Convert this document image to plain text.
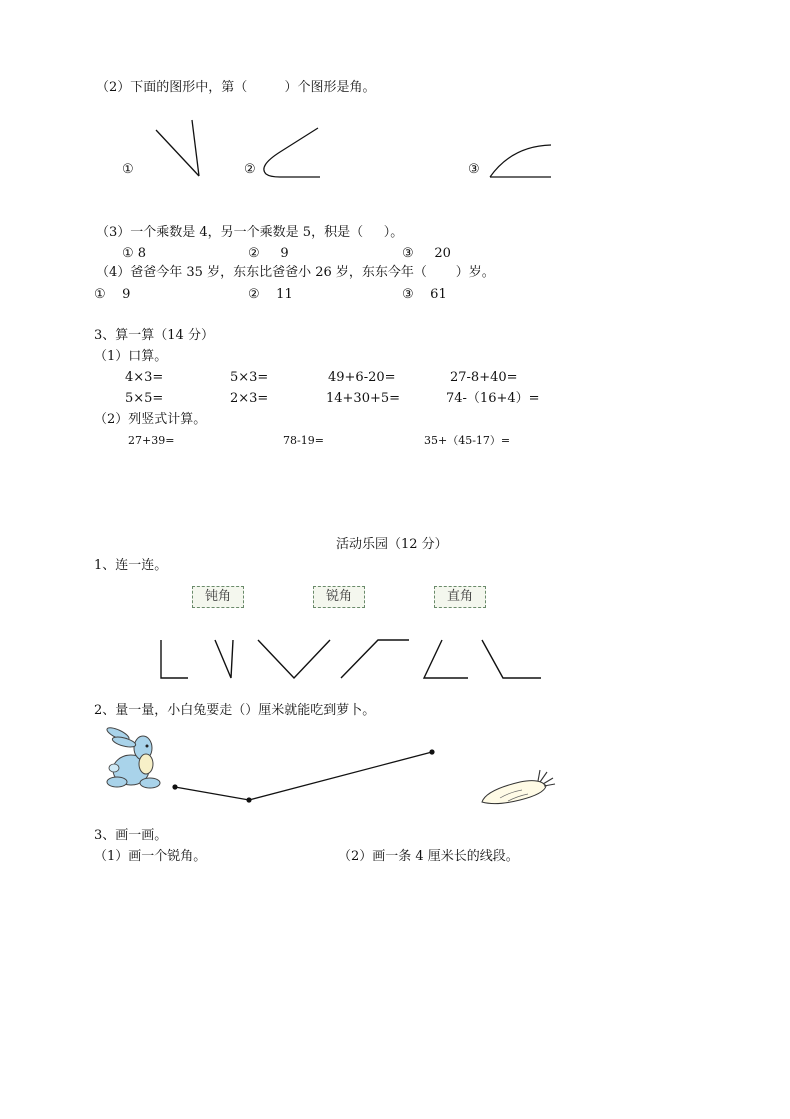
（2）下面的图形中，第（         ）个图形是角。
①	②	③
（3）一个乘数是 4，另一个乘数是 5，积是（     ）。
① 8	②     9	③     20
（4）爸爸今年 35 岁，东东比爸爸小 26 岁，东东今年（       ）岁。
①    9	②    11	③    61
3、算一算（14 分）
（1）口算。
4×3=	5×3=	49+6-20=	27-8+40=
5×5=	2×3=	14+30+5=	74-（16+4）=
（2）列竖式计算。
27+39=	78-19=	35+（45-17）=
活动乐园（12 分）
1、连一连。
钝角	锐角	直角
2、量一量，小白兔要走（）厘米就能吃到萝卜。
3、画一画。
（1）画一个锐角。	（2）画一条 4 厘米长的线段。
